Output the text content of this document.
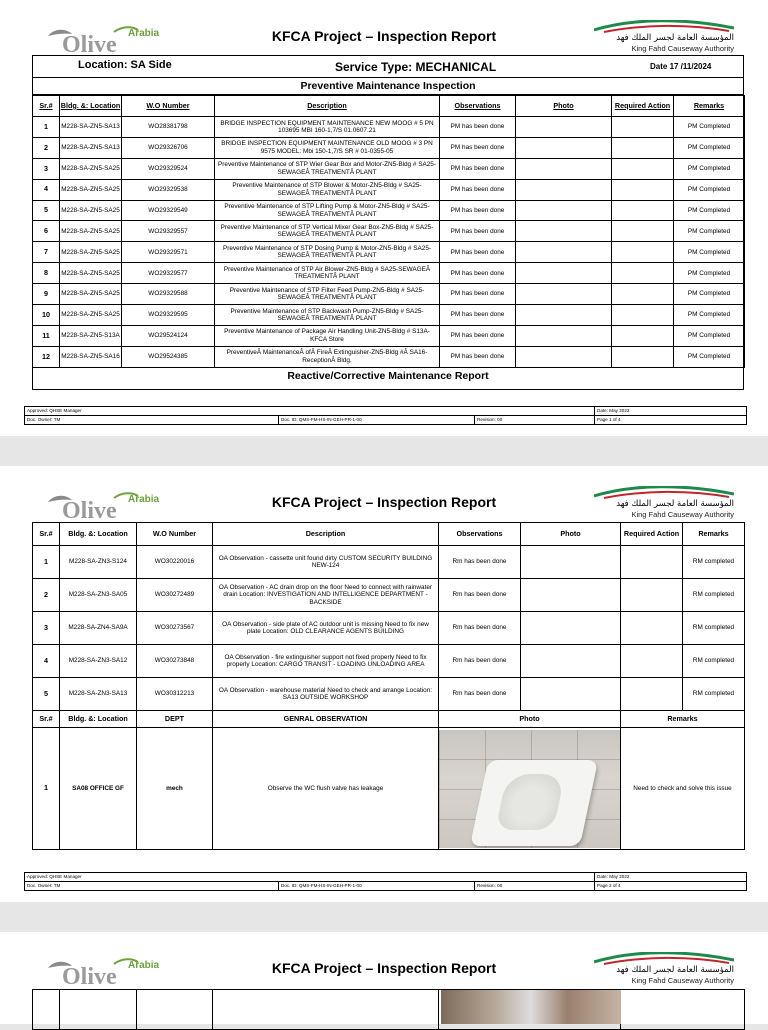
Olive Arabia	KFCA Project – Inspection Report	المؤسسة العامة لجسر الملك فهد
King Fahd Causeway Authority
Location: SA Side	Service Type: MECHANICAL	Date 17 /11/2024
Preventive Maintenance Inspection
Sr.#	Bldg. &: Location	W.O Number	Description	Observations	Photo	Required Action	Remarks
1	M228-SA-ZN5-SA13	WO28381798	BRIDGE INSPECTION EQUIPMENT MAINTENANCE NEW MOOG # 5 PN 103695 MBI 160-1,7/S 01.0607.21	PM has been done			PM Completed
2	M228-SA-ZN5-SA13	WO29326706	BRIDGE INSPECTION EQUIPMENT MAINTENANCE OLD MOOG # 3 PN 9575 MODEL: Mbi 150-1,7/S SR # 01-0355-05	PM has been done			PM Completed
3	M228-SA-ZN5-SA25	WO29329524	Preventive Maintenance of STP Wier Gear Box and Motor-ZN5-Bldg # SA25-SEWAGEÂ TREATMENTÂ PLANT	PM has been done			PM Completed
4	M228-SA-ZN5-SA25	WO29329538	Preventive Maintenance of STP Blower & Motor-ZN5-Bldg # SA25-SEWAGEÂ TREATMENTÂ PLANT	PM has been done			PM Completed
5	M228-SA-ZN5-SA25	WO29329549	Preventive Maintenance of STP Lifting Pump & Motor-ZN5-Bldg # SA25-SEWAGEÂ TREATMENTÂ PLANT	PM has been done			PM Completed
6	M228-SA-ZN5-SA25	WO29329557	Preventive Maintenance of STP Vertical Mixer Gear Box-ZN5-Bldg # SA25-SEWAGEÂ TREATMENTÂ PLANT	PM has been done			PM Completed
7	M228-SA-ZN5-SA25	WO29329571	Preventive Maintenance of STP Dosing Pump & Motor-ZN5-Bldg # SA25-SEWAGEÂ TREATMENTÂ PLANT	PM has been done			PM Completed
8	M228-SA-ZN5-SA25	WO29329577	Preventive Maintenance of STP Air Blower-ZN5-Bldg # SA25-SEWAGEÂ TREATMENTÂ PLANT	PM has been done			PM Completed
9	M228-SA-ZN5-SA25	WO29329588	Preventive Maintenance of STP Filter Feed Pump-ZN5-Bldg # SA25-SEWAGEÂ TREATMENTÂ PLANT	PM has been done			PM Completed
10	M228-SA-ZN5-SA25	WO29329595	Preventive Maintenance of STP Backwash Pump-ZN5-Bldg # SA25-SEWAGEÂ TREATMENTÂ PLANT	PM has been done			PM Completed
11	M228-SA-ZN5-S13A	WO29524124	Preventive Maintenance of Package Air Handling Unit-ZN5-Bldg # S13A-KFCA Store	PM has been done			PM Completed
12	M228-SA-ZN5-SA16	WO29524385	PreventiveÂ MaintenanceÂ ofÂ FireÂ Extinguisher-ZN5-Bldg #Â SA16-ReceptionÂ Bldg.	PM has been done			PM Completed
Reactive/Corrective Maintenance Report
Approved: QHSE Manager			Date: May 2022
Doc. Owner: TM	Doc. ID: QMS-FM-HS-IN-GEH-PR-1-00	Revision: 00	Page 1 of 4
Olive Arabia	KFCA Project – Inspection Report	المؤسسة العامة لجسر الملك فهد
King Fahd Causeway Authority
Sr.#	Bldg. &: Location	W.O Number	Description	Observations	Photo	Required Action	Remarks
1	M228-SA-ZN3-S124	WO30220016	OA Observation - cassette unit found dirty CUSTOM SECURITY BUILDING NEW-124	Rm has been done			RM completed
2	M228-SA-ZN3-SA05	WO30272489	OA Observation - AC drain drop on the floor Need to connect with rainwater drain Location: INVESTIGATION AND INTELLIGENCE DEPARTMENT - BACKSIDE	Rm has been done			RM completed
3	M228-SA-ZN4-SA9A	WO30273567	OA Observation - side plate of AC outdoor unit is missing Need to fix new plate Location: OLD CLEARANCE AGENTS BUILDING	Rm has been done			RM completed
4	M228-SA-ZN3-SA12	WO30273848	OA Observation - fire extinguisher support not fixed properly Need to fix properly Location: CARGO TRANSIT - LOADING UNLOADING AREA	Rm has been done			RM completed
5	M228-SA-ZN3-SA13	WO30312213	OA Observation - warehouse material Need to check and arrange Location: SA13 OUTSIDE WORKSHOP	Rm has been done			RM completed
Sr.#	Bldg. &: Location	DEPT	GENRAL OBSERVATION	Photo		Remarks	
1	SA08 OFFICE GF	mech	Observe the WC flush valve has leakage			Need to check and solve this issue	
Approved: QHSE Manager			Date: May 2022
Doc. Owner: TM	Doc. ID: QMS-FM-HS-IN-GEH-PR-1-00	Revision: 00	Page 2 of 4
Olive Arabia	KFCA Project – Inspection Report	المؤسسة العامة لجسر الملك فهد
King Fahd Causeway Authority
